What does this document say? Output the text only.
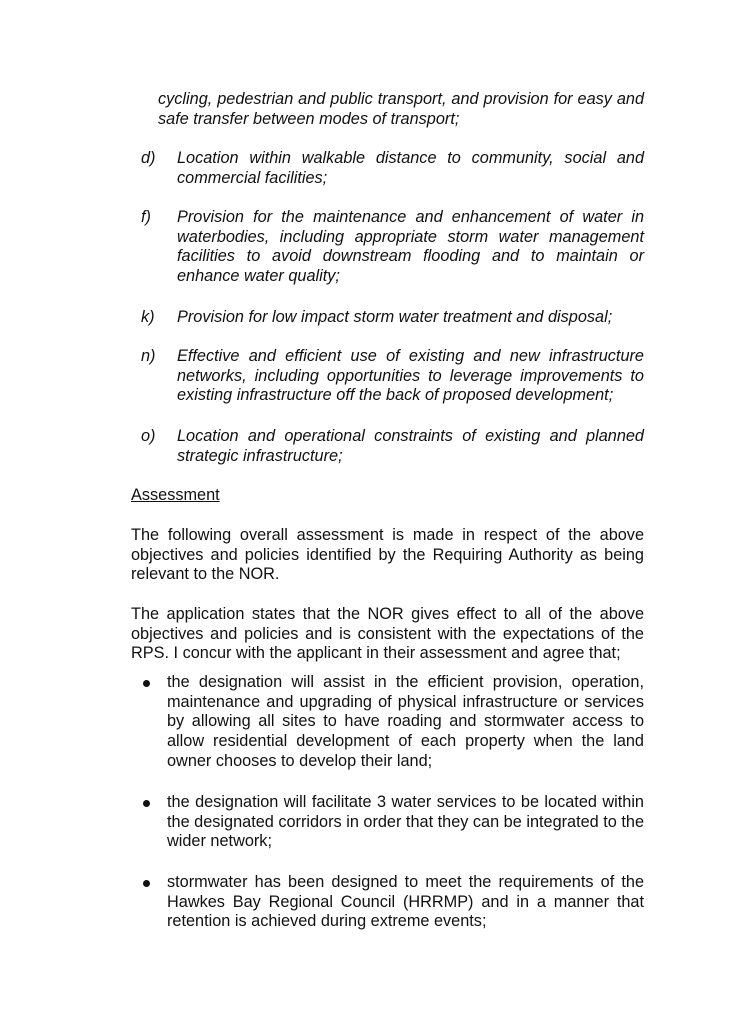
cycling, pedestrian and public transport, and provision for easy and safe transfer between modes of transport;

d) Location within walkable distance to community, social and commercial facilities;
f) Provision for the maintenance and enhancement of water in waterbodies, including appropriate storm water management facilities to avoid downstream flooding and to maintain or enhance water quality;
k) Provision for low impact storm water treatment and disposal;
n) Effective and efficient use of existing and new infrastructure networks, including opportunities to leverage improvements to existing infrastructure off the back of proposed development;
o) Location and operational constraints of existing and planned strategic infrastructure;
Assessment

The following overall assessment is made in respect of the above objectives and policies identified by the Requiring Authority as being relevant to the NOR.

The application states that the NOR gives effect to all of the above objectives and policies and is consistent with the expectations of the RPS. I concur with the applicant in their assessment and agree that;

the designation will assist in the efficient provision, operation, maintenance and upgrading of physical infrastructure or services by allowing all sites to have roading and stormwater access to allow residential development of each property when the land owner chooses to develop their land;
the designation will facilitate 3 water services to be located within the designated corridors in order that they can be integrated to the wider network;
stormwater has been designed to meet the requirements of the Hawkes Bay Regional Council (HRRMP) and in a manner that retention is achieved during extreme events;
